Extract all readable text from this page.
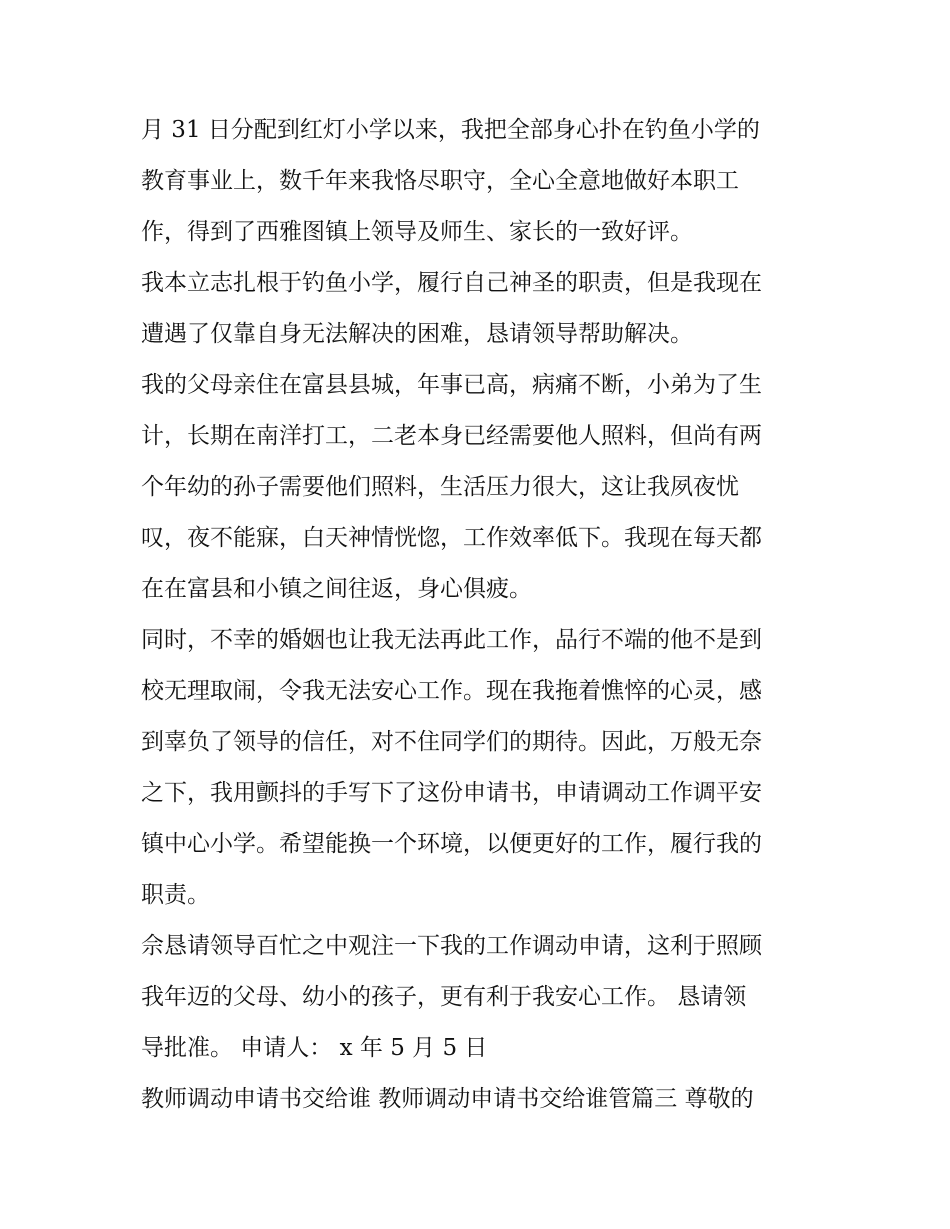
月 31 日分配到红灯小学以来，我把全部身心扑在钓鱼小学的
教育事业上，数千年来我恪尽职守，全心全意地做好本职工
作，得到了西雅图镇上领导及师生、家长的一致好评。
我本立志扎根于钓鱼小学，履行自己神圣的职责，但是我现在
遭遇了仅靠自身无法解决的困难，恳请领导帮助解决。
我的父母亲住在富县县城，年事已高，病痛不断，小弟为了生
计，长期在南洋打工，二老本身已经需要他人照料，但尚有两
个年幼的孙子需要他们照料，生活压力很大，这让我夙夜忧
叹，夜不能寐，白天神情恍惚，工作效率低下。我现在每天都
在在富县和小镇之间往返，身心俱疲。
同时，不幸的婚姻也让我无法再此工作，品行不端的他不是到
校无理取闹，令我无法安心工作。现在我拖着憔悴的心灵，感
到辜负了领导的信任，对不住同学们的期待。因此，万般无奈
之下，我用颤抖的手写下了这份申请书，申请调动工作调平安
镇中心小学。希望能换一个环境，以便更好的工作，履行我的
职责。
佘恳请领导百忙之中观注一下我的工作调动申请，这利于照顾
我年迈的父母、幼小的孩子，更有利于我安心工作。 恳请领
导批准。 申请人： x 年 5 月 5 日
教师调动申请书交给谁 教师调动申请书交给谁管篇三 尊敬的
